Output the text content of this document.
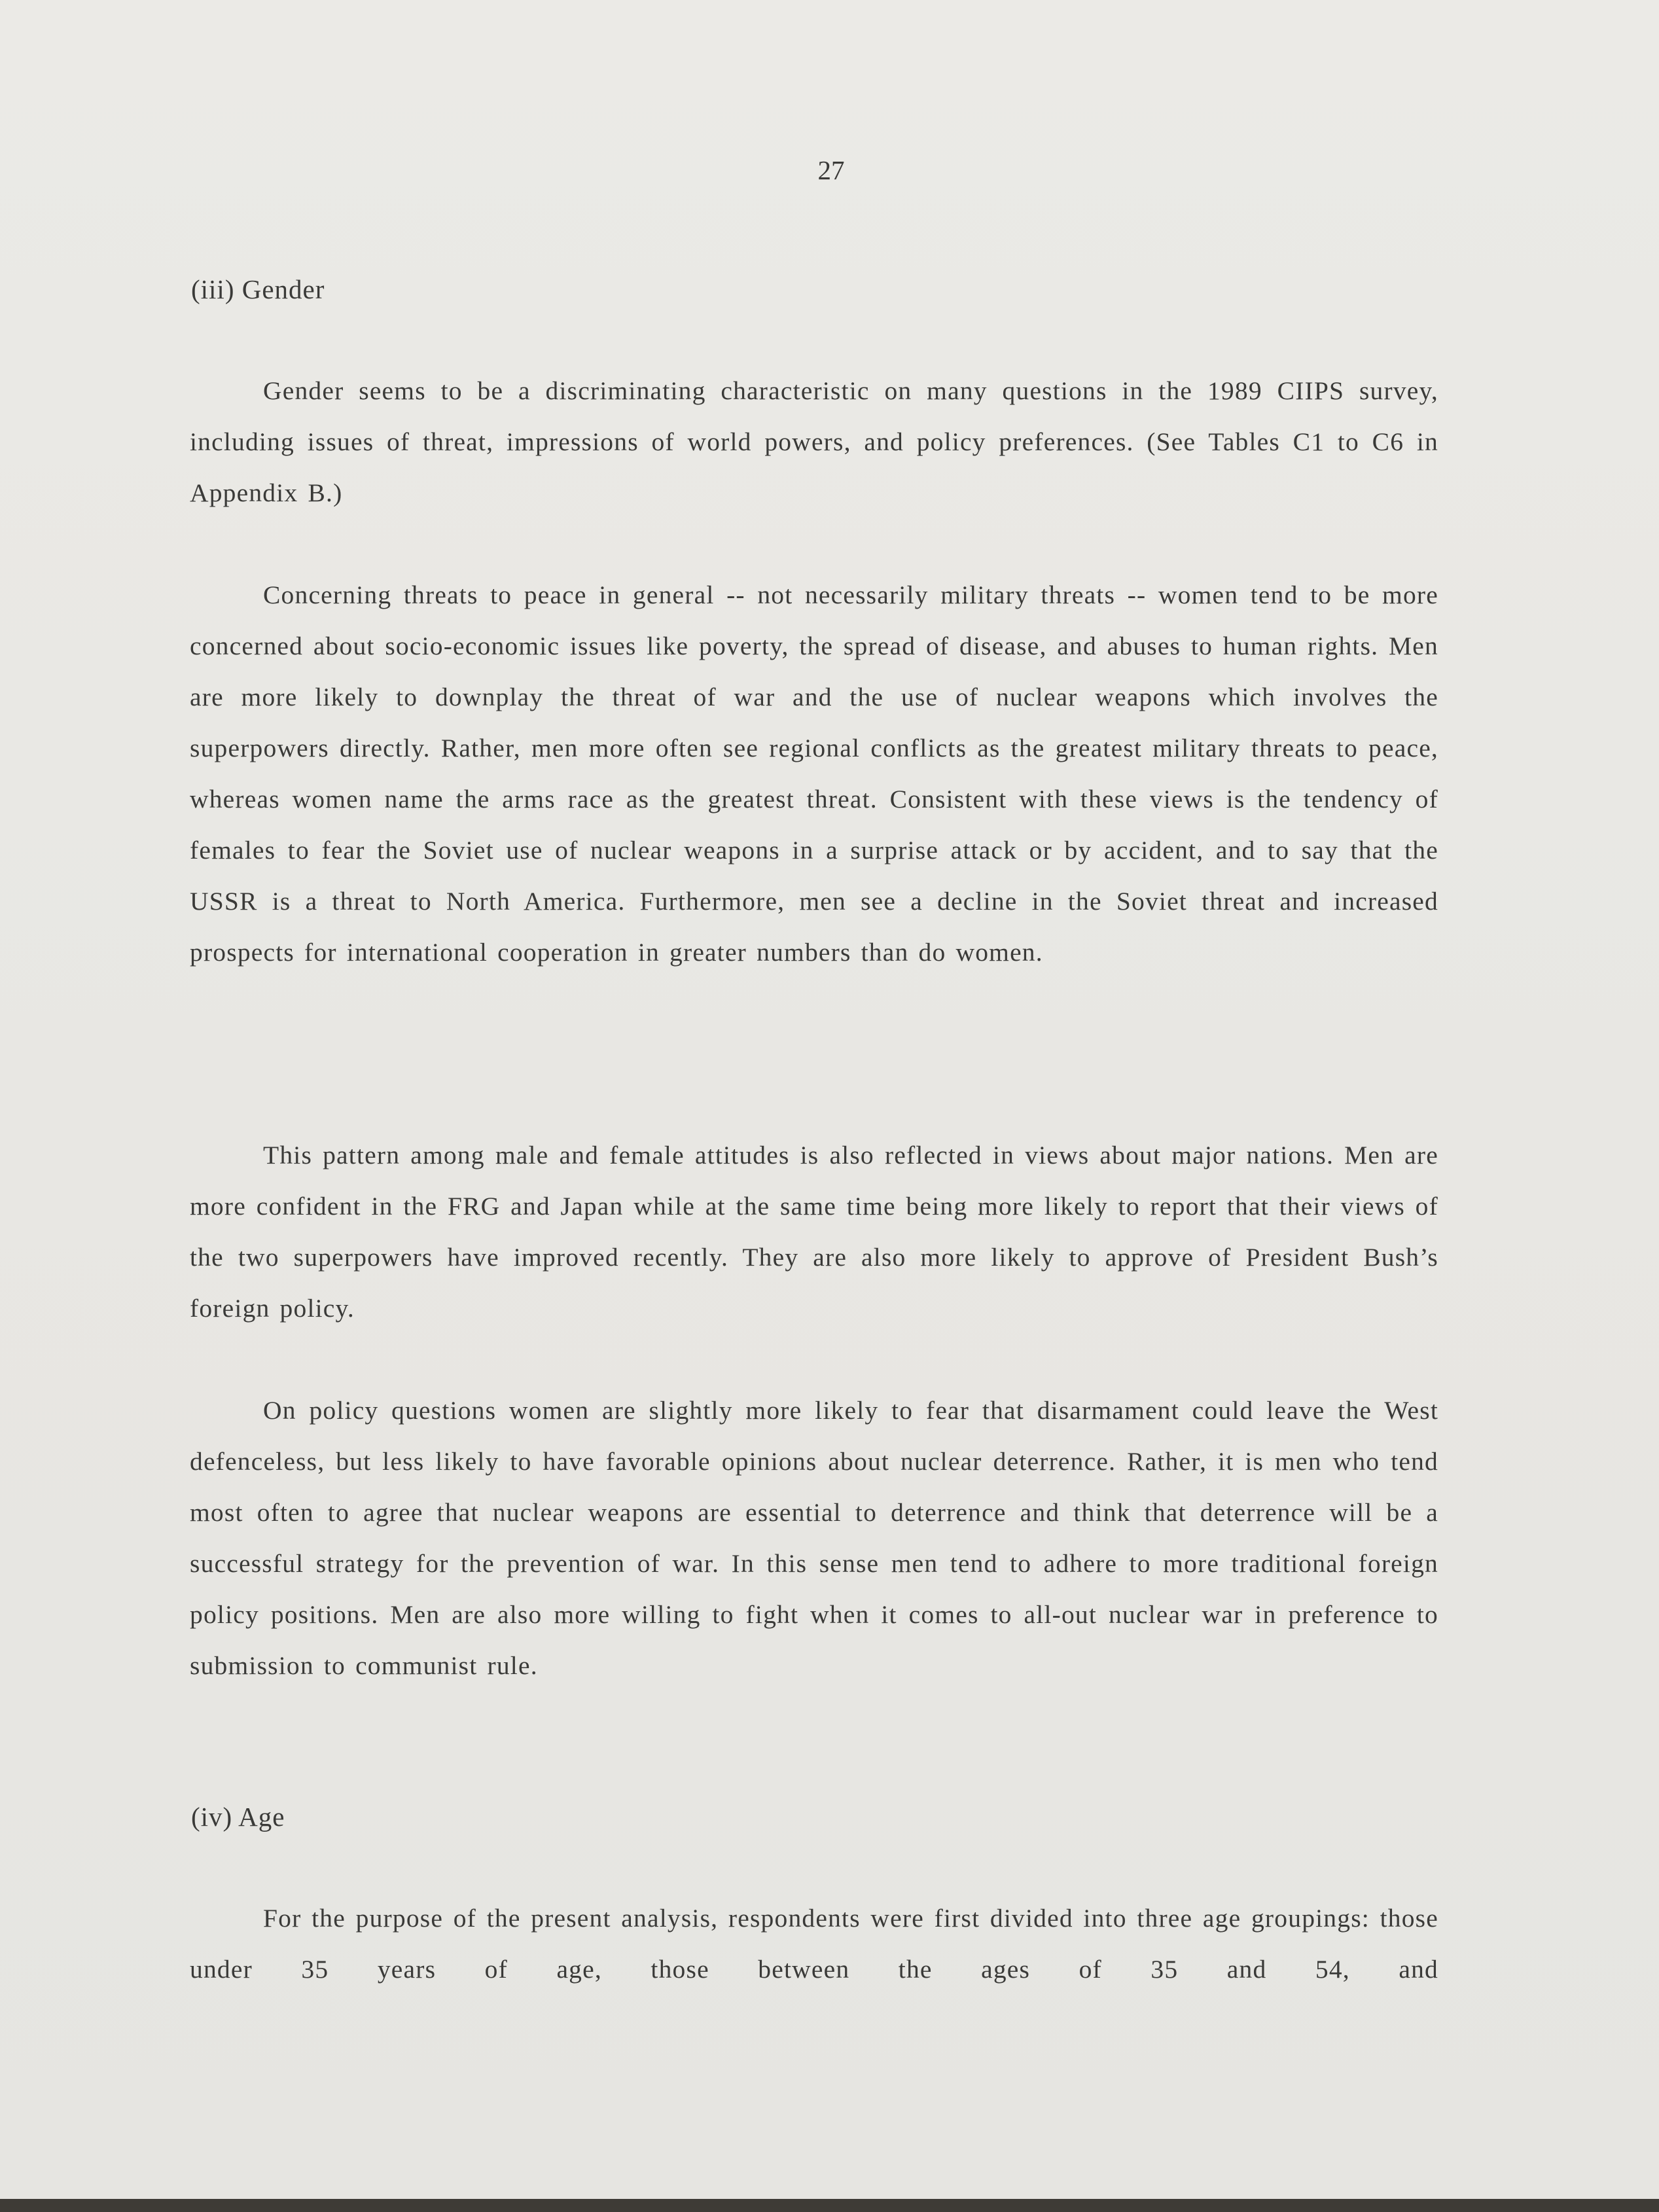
27
(iii) Gender
Gender seems to be a discriminating characteristic on many questions in the 1989 CIIPS survey, including issues of threat, impressions of world powers, and policy preferences. (See Tables C1 to C6 in Appendix B.)
Concerning threats to peace in general -- not necessarily military threats -- women tend to be more concerned about socio-economic issues like poverty, the spread of disease, and abuses to human rights. Men are more likely to downplay the threat of war and the use of nuclear weapons which involves the superpowers directly. Rather, men more often see regional conflicts as the greatest military threats to peace, whereas women name the arms race as the greatest threat. Consistent with these views is the tendency of females to fear the Soviet use of nuclear weapons in a surprise attack or by accident, and to say that the USSR is a threat to North America. Furthermore, men see a decline in the Soviet threat and increased prospects for international cooperation in greater numbers than do women.
This pattern among male and female attitudes is also reflected in views about major nations. Men are more confident in the FRG and Japan while at the same time being more likely to report that their views of the two superpowers have improved recently. They are also more likely to approve of President Bush’s foreign policy.
On policy questions women are slightly more likely to fear that disarmament could leave the West defenceless, but less likely to have favorable opinions about nuclear deterrence. Rather, it is men who tend most often to agree that nuclear weapons are essential to deterrence and think that deterrence will be a successful strategy for the prevention of war. In this sense men tend to adhere to more traditional foreign policy positions. Men are also more willing to fight when it comes to all-out nuclear war in preference to submission to communist rule.
(iv) Age
For the purpose of the present analysis, respondents were first divided into three age groupings: those under 35 years of age, those between the ages of 35 and 54, and
